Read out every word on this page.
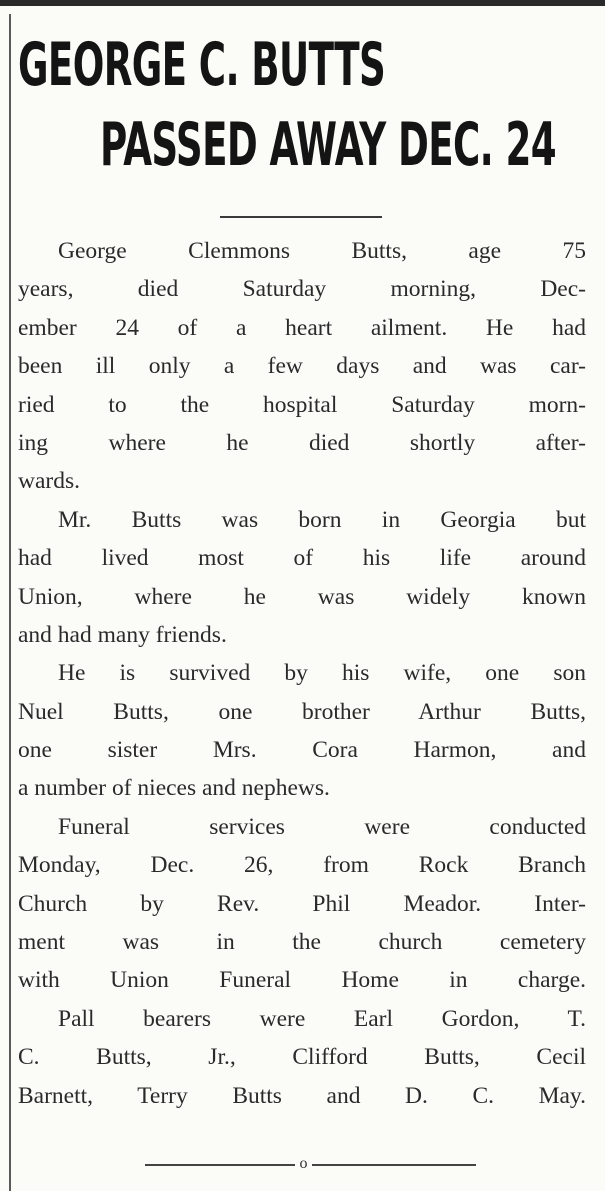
GEORGE C. BUTTS
PASSED AWAY DEC. 24
George Clemmons Butts, age 75
years, died Saturday morning, Dec-
ember 24 of a heart ailment. He had
been ill only a few days and was car-
ried to the hospital Saturday morn-
ing where he died shortly after-
wards.
Mr. Butts was born in Georgia but
had lived most of his life around
Union, where he was widely known
and had many friends.
He is survived by his wife, one son
Nuel Butts, one brother Arthur Butts,
one sister Mrs. Cora Harmon, and
a number of nieces and nephews.
Funeral services were conducted
Monday, Dec. 26, from Rock Branch
Church by Rev. Phil Meador. Inter-
ment was in the church cemetery
with Union Funeral Home in charge.
Pall bearers were Earl Gordon, T.
C. Butts, Jr., Clifford Butts, Cecil
Barnett, Terry Butts and D. C. May.
o
